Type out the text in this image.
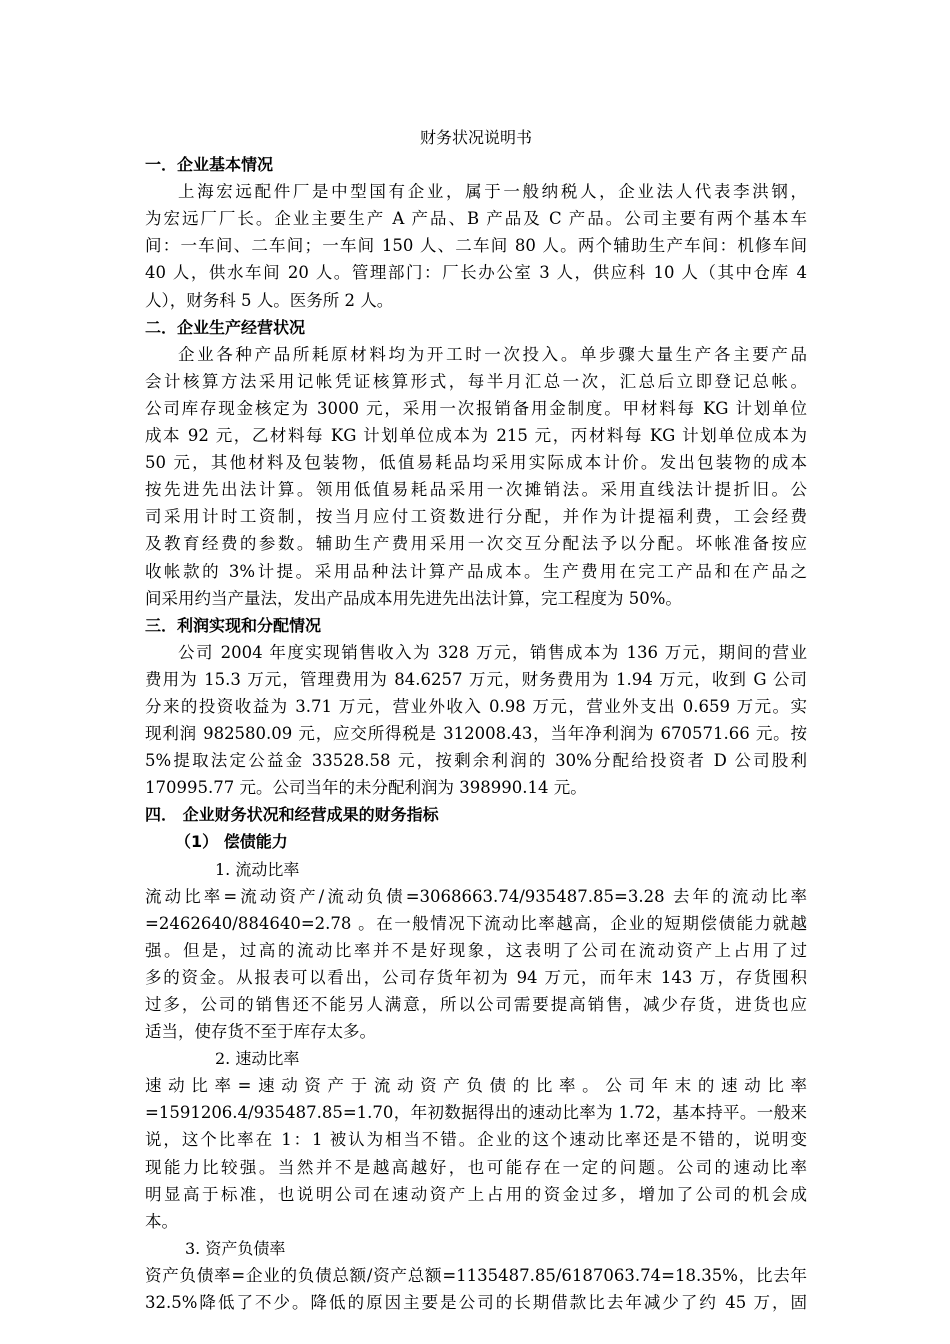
财务状况说明书
一．企业基本情况
上海宏远配件厂是中型国有企业，属于一般纳税人，企业法人代表李洪钢，
为宏远厂厂长。企业主要生产 A 产品、B 产品及 C 产品。公司主要有两个基本车
间：一车间、二车间；一车间 150 人、二车间 80 人。两个辅助生产车间：机修车间
40 人，供水车间 20 人。管理部门：厂长办公室 3 人，供应科 10 人（其中仓库 4
人），财务科 5 人。医务所 2 人。
二．企业生产经营状况
企业各种产品所耗原材料均为开工时一次投入。单步骤大量生产各主要产品
会计核算方法采用记帐凭证核算形式，每半月汇总一次，汇总后立即登记总帐。
公司库存现金核定为 3000 元，采用一次报销备用金制度。甲材料每 KG 计划单位
成本 92 元，乙材料每 KG 计划单位成本为 215 元，丙材料每 KG 计划单位成本为
50 元，其他材料及包装物，低值易耗品均采用实际成本计价。发出包装物的成本
按先进先出法计算。领用低值易耗品采用一次摊销法。采用直线法计提折旧。公
司采用计时工资制，按当月应付工资数进行分配，并作为计提福利费，工会经费
及教育经费的参数。辅助生产费用采用一次交互分配法予以分配。坏帐准备按应
收帐款的 3%计提。采用品种法计算产品成本。生产费用在完工产品和在产品之
间采用约当产量法，发出产品成本用先进先出法计算，完工程度为 50%。
三．利润实现和分配情况
公司 2004 年度实现销售收入为 328 万元，销售成本为 136 万元，期间的营业
费用为 15.3 万元，管理费用为 84.6257 万元，财务费用为 1.94 万元，收到 G 公司
分来的投资收益为 3.71 万元，营业外收入 0.98 万元，营业外支出 0.659 万元。实
现利润 982580.09 元，应交所得税是 312008.43，当年净利润为 670571.66 元。按
5%提取法定公益金 33528.58 元，按剩余利润的 30%分配给投资者 D 公司股利
170995.77 元。公司当年的未分配利润为 398990.14 元。
四． 企业财务状况和经营成果的财务指标
（1） 偿债能力
1. 流动比率
流动比率=流动资产/流动负债=3068663.74/935487.85=3.28 去年的流动比率
=2462640/884640=2.78 。在一般情况下流动比率越高，企业的短期偿债能力就越
强。但是，过高的流动比率并不是好现象，这表明了公司在流动资产上占用了过
多的资金。从报表可以看出，公司存货年初为 94 万元，而年末 143 万，存货囤积
过多，公司的销售还不能另人满意，所以公司需要提高销售，减少存货，进货也应
适当，使存货不至于库存太多。
2. 速动比率
速动比率=速动资产于流动资产负债的比率。公司年末的速动比率
=1591206.4/935487.85=1.70，年初数据得出的速动比率为 1.72，基本持平。一般来
说，这个比率在 1：1 被认为相当不错。企业的这个速动比率还是不错的，说明变
现能力比较强。当然并不是越高越好，也可能存在一定的问题。公司的速动比率
明显高于标准，也说明公司在速动资产上占用的资金过多，增加了公司的机会成
本。
3. 资产负债率
资产负债率=企业的负债总额/资产总额=1135487.85/6187063.74=18.35%，比去年
32.5%降低了不少。降低的原因主要是公司的长期借款比去年减少了约 45 万，固
